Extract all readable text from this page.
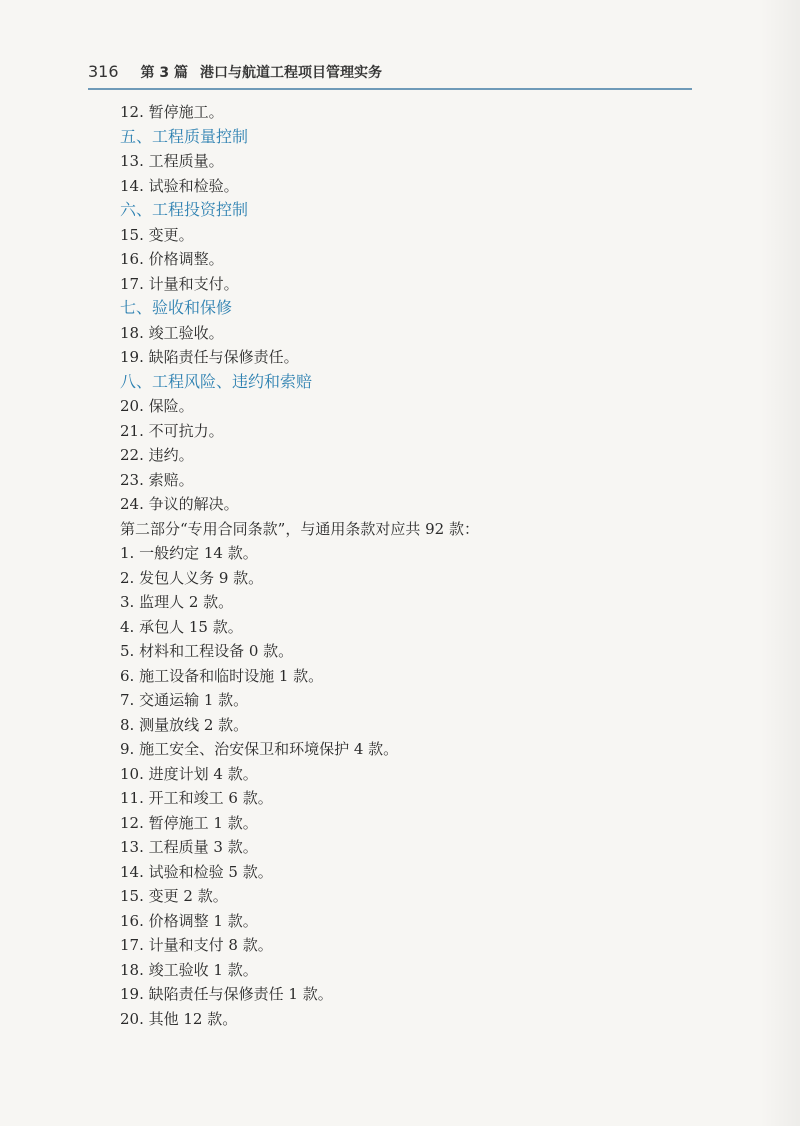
316 第 3 篇 港口与航道工程项目管理实务
12. 暂停施工。
五、工程质量控制
13. 工程质量。
14. 试验和检验。
六、工程投资控制
15. 变更。
16. 价格调整。
17. 计量和支付。
七、验收和保修
18. 竣工验收。
19. 缺陷责任与保修责任。
八、工程风险、违约和索赔
20. 保险。
21. 不可抗力。
22. 违约。
23. 索赔。
24. 争议的解决。
第二部分“专用合同条款”，与通用条款对应共 92 款：
1. 一般约定 14 款。
2. 发包人义务 9 款。
3. 监理人 2 款。
4. 承包人 15 款。
5. 材料和工程设备 0 款。
6. 施工设备和临时设施 1 款。
7. 交通运输 1 款。
8. 测量放线 2 款。
9. 施工安全、治安保卫和环境保护 4 款。
10. 进度计划 4 款。
11. 开工和竣工 6 款。
12. 暂停施工 1 款。
13. 工程质量 3 款。
14. 试验和检验 5 款。
15. 变更 2 款。
16. 价格调整 1 款。
17. 计量和支付 8 款。
18. 竣工验收 1 款。
19. 缺陷责任与保修责任 1 款。
20. 其他 12 款。
